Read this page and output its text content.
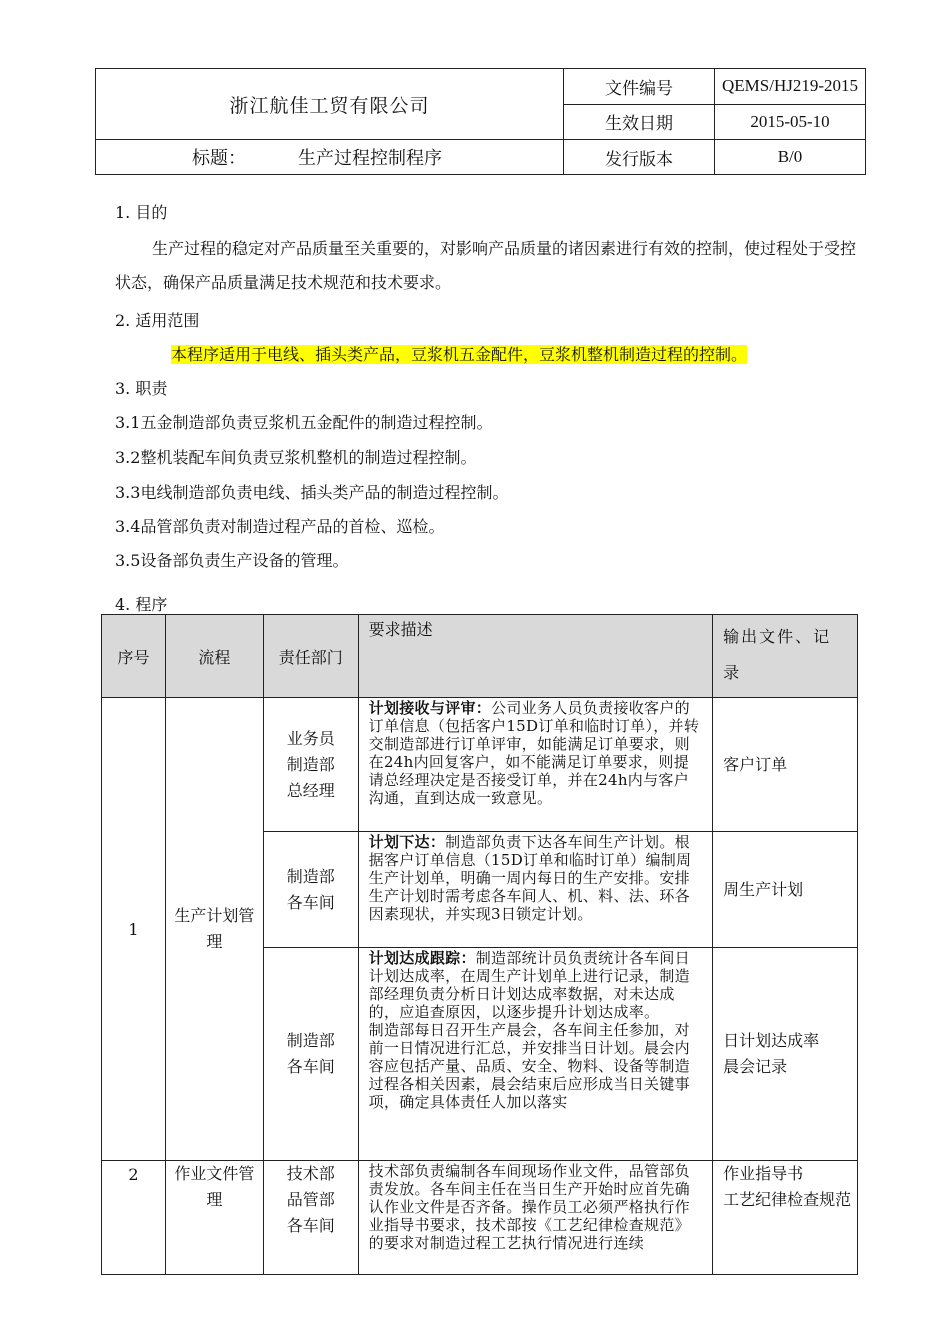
浙江航佳工贸有限公司	文件编号	QEMS/HJ219-2015
	生效日期	2015-05-10
标题： 生产过程控制程序	发行版本	B/0

1. 目的

生产过程的稳定对产品质量至关重要的，对影响产品质量的诸因素进行有效的控制，使过程处于受控状态，确保产品质量满足技术规范和技术要求。

2. 适用范围

本程序适用于电线、插头类产品，豆浆机五金配件，豆浆机整机制造过程的控制。

3. 职责

3.1五金制造部负责豆浆机五金配件的制造过程控制。

3.2整机装配车间负责豆浆机整机的制造过程控制。

3.3电线制造部负责电线、插头类产品的制造过程控制。

3.4品管部负责对制造过程产品的首检、巡检。

3.5设备部负责生产设备的管理。

4. 程序

序号	流程	责任部门	要求描述	输出文件、记录
1	生产计划管理	业务员
制造部
总经理	计划接收与评审：公司业务人员负责接收客户的订单信息（包括客户15D订单和临时订单），并转交制造部进行订单评审，如能满足订单要求，则在24h内回复客户，如不能满足订单要求，则提请总经理决定是否接受订单，并在24h内与客户沟通，直到达成一致意见。	客户订单
		制造部
各车间	计划下达：制造部负责下达各车间生产计划。根据客户订单信息（15D订单和临时订单）编制周生产计划单，明确一周内每日的生产安排。安排生产计划时需考虑各车间人、机、料、法、环各因素现状，并实现3日锁定计划。	周生产计划
		制造部
各车间	计划达成跟踪：制造部统计员负责统计各车间日计划达成率，在周生产计划单上进行记录，制造部经理负责分析日计划达成率数据，对未达成的，应追查原因，以逐步提升计划达成率。
制造部每日召开生产晨会，各车间主任参加，对前一日情况进行汇总，并安排当日计划。晨会内容应包括产量、品质、安全、物料、设备等制造过程各相关因素，晨会结束后应形成当日关键事项，确定具体责任人加以落实	日计划达成率
晨会记录
2	作业文件管理	技术部
品管部
各车间	技术部负责编制各车间现场作业文件，品管部负责发放。各车间主任在当日生产开始时应首先确认作业文件是否齐备。操作员工必须严格执行作业指导书要求，技术部按《工艺纪律检查规范》的要求对制造过程工艺执行情况进行连续	作业指导书
工艺纪律检查规范
